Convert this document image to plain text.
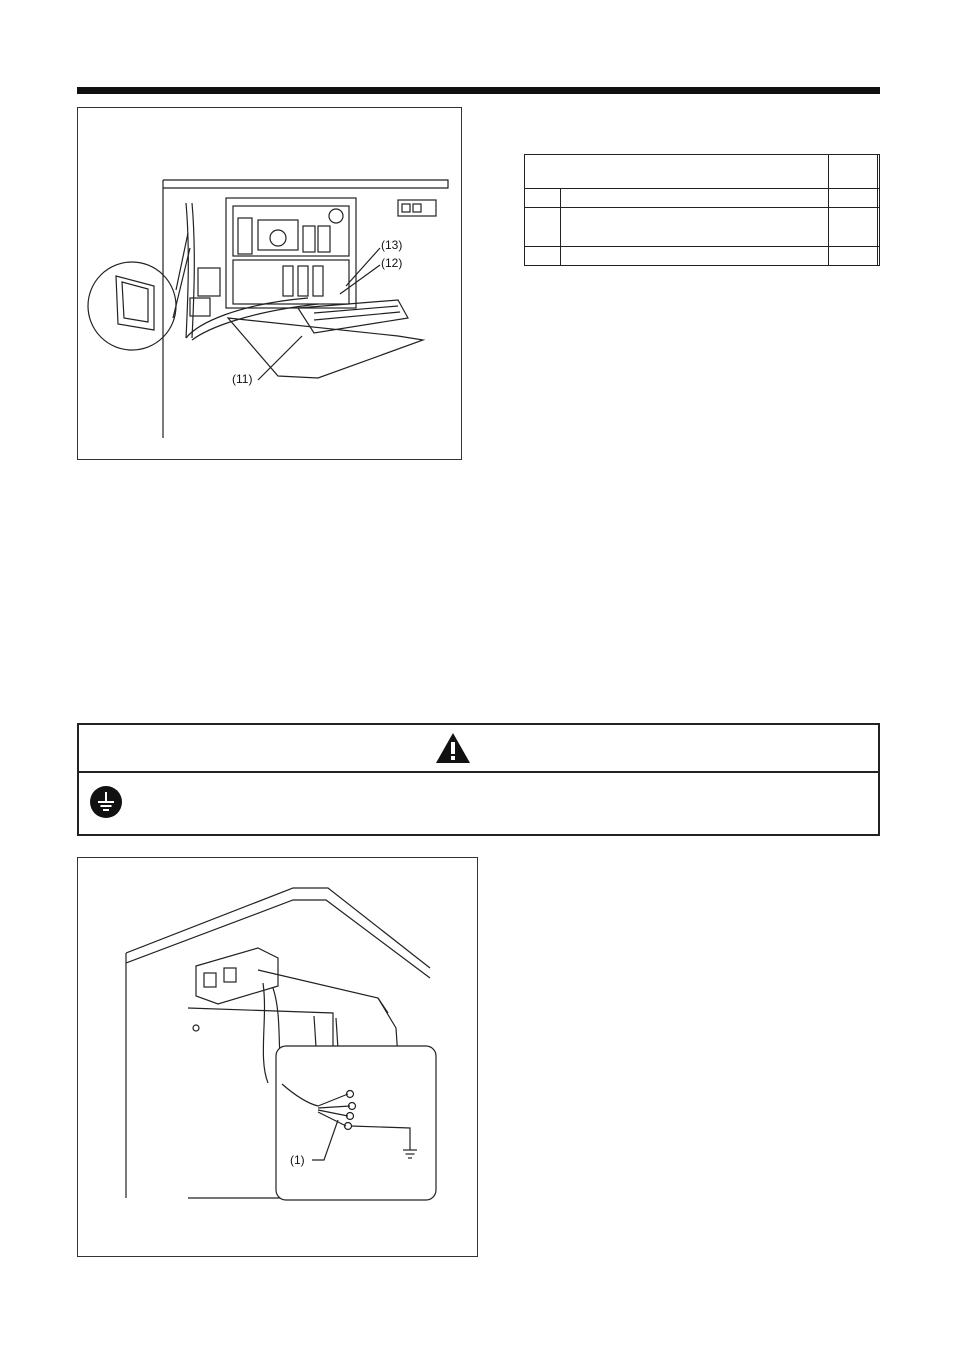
(13)
(12)
(11)

(1)
